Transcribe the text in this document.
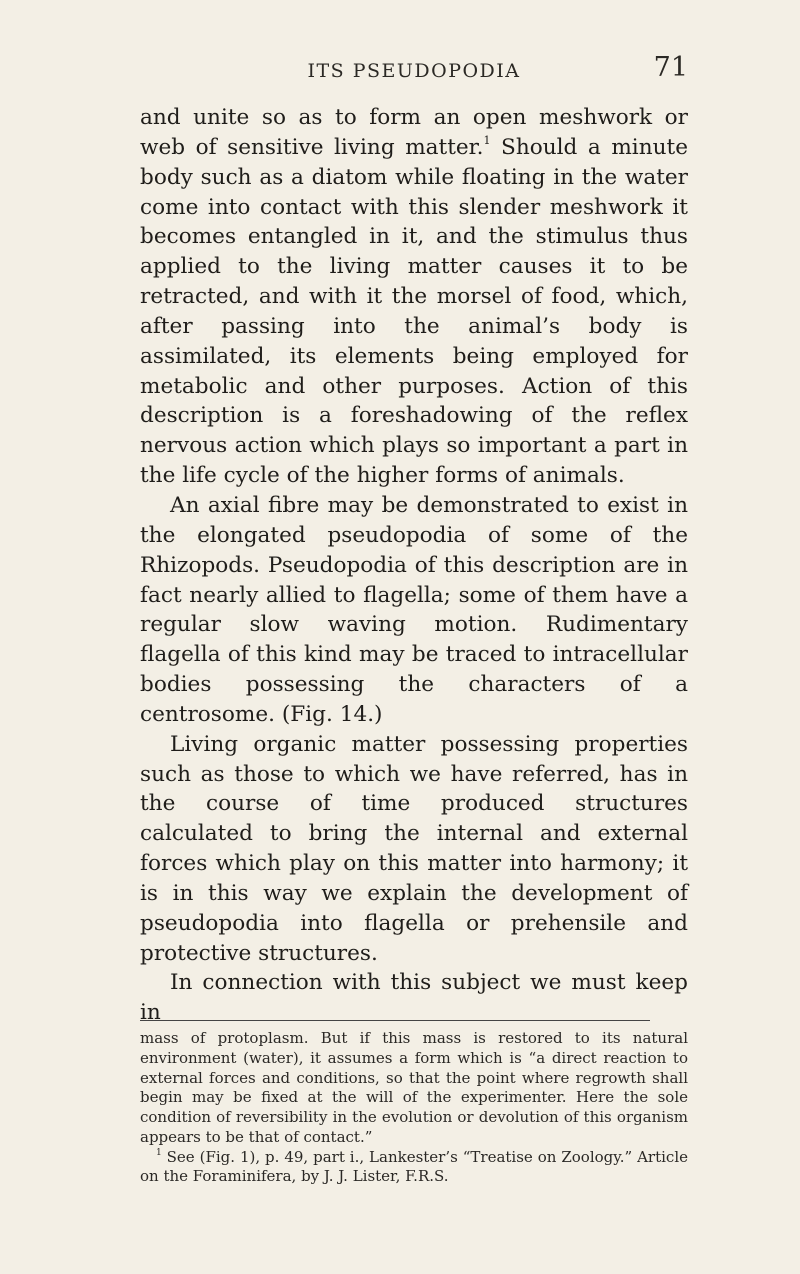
ITS PSEUDOPODIA	71

and unite so as to form an open meshwork or web of sensitive living matter.$^1$ Should a minute body such as a diatom while floating in the water come into contact with this slender meshwork it becomes entangled in it, and the stimulus thus applied to the living matter causes it to be retracted, and with it the morsel of food, which, after passing into the animal’s body is assimilated, its elements being employed for metabolic and other purposes. Action of this description is a foreshadowing of the reflex nervous action which plays so important a part in the life cycle of the higher forms of animals.

An axial fibre may be demonstrated to exist in the elongated pseudopodia of some of the Rhizopods. Pseudopodia of this description are in fact nearly allied to flagella; some of them have a regular slow waving motion. Rudimentary flagella of this kind may be traced to intracellular bodies possessing the characters of a centrosome. (Fig. 14.)

Living organic matter possessing properties such as those to which we have referred, has in the course of time produced structures calculated to bring the internal and external forces which play on this matter into harmony; it is in this way we explain the development of pseudopodia into flagella or prehensile and protective structures.

In connection with this subject we must keep in

mass of protoplasm. But if this mass is restored to its natural environment (water), it assumes a form which is “a direct reaction to external forces and conditions, so that the point where regrowth shall begin may be fixed at the will of the experimenter. Here the sole condition of reversibility in the evolution or devolution of this organism appears to be that of contact.”

$^1$ See (Fig. 1), p. 49, part i., Lankester’s “Treatise on Zoology.” Article on the Foraminifera, by J. J. Lister, F.R.S.
